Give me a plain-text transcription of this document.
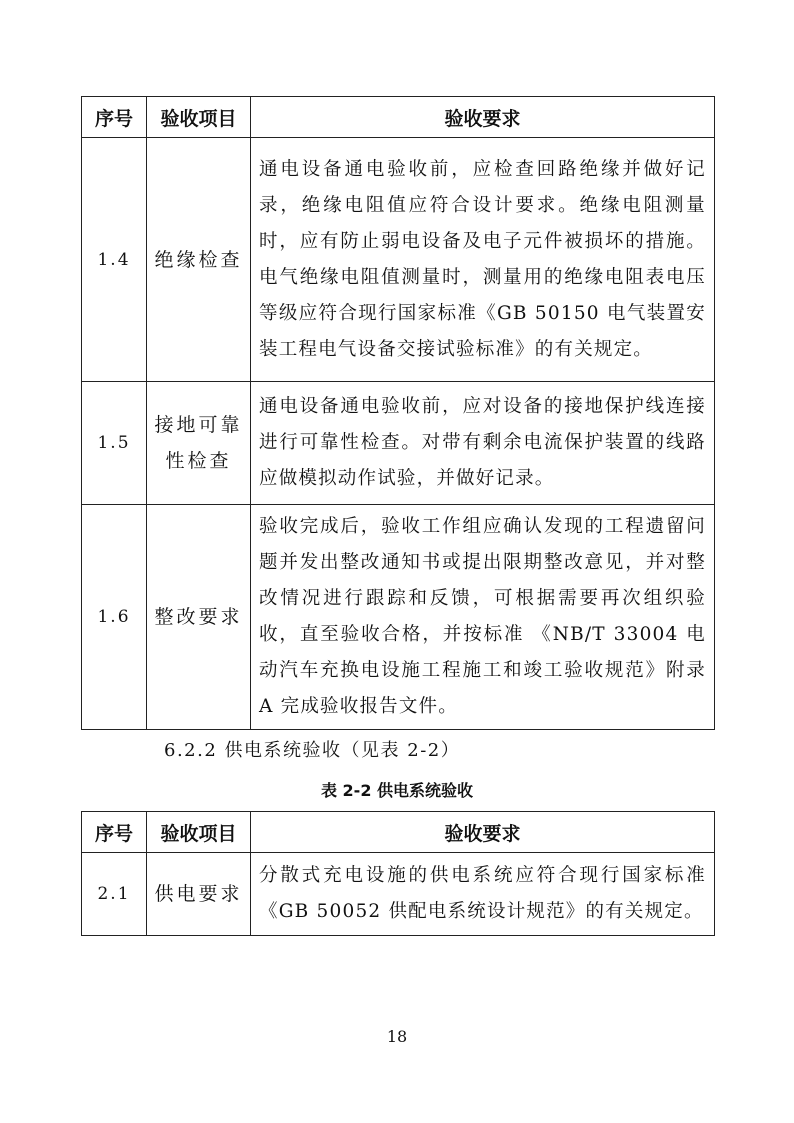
序号	验收项目	验收要求
1.4	绝缘检查	通电设备通电验收前，应检查回路绝缘并做好记录，绝缘电阻值应符合设计要求。绝缘电阻测量时，应有防止弱电设备及电子元件被损坏的措施。电气绝缘电阻值测量时，测量用的绝缘电阻表电压等级应符合现行国家标准《GB 50150 电气装置安装工程电气设备交接试验标准》的有关规定。
1.5	接地可靠性检查	通电设备通电验收前，应对设备的接地保护线连接进行可靠性检查。对带有剩余电流保护装置的线路应做模拟动作试验，并做好记录。
1.6	整改要求	验收完成后，验收工作组应确认发现的工程遗留问题并发出整改通知书或提出限期整改意见，并对整改情况进行跟踪和反馈，可根据需要再次组织验收，直至验收合格，并按标准 《NB/T 33004 电动汽车充换电设施工程施工和竣工验收规范》附录 A 完成验收报告文件。
6.2.2 供电系统验收（见表 2-2）
表 2-2 供电系统验收
序号	验收项目	验收要求
2.1	供电要求	分散式充电设施的供电系统应符合现行国家标准《GB 50052 供配电系统设计规范》的有关规定。
18
